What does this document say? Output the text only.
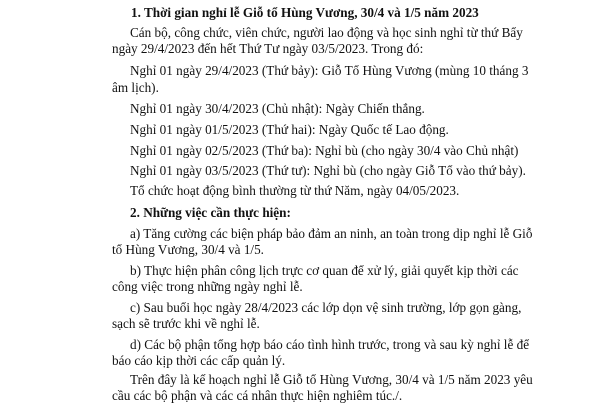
1. Thời gian nghỉ lễ Giỗ tổ Hùng Vương, 30/4 và 1/5 năm 2023
Cán bộ, công chức, viên chức, người lao động và học sinh nghỉ từ thứ Bẩy
ngày 29/4/2023 đến hết Thứ Tư ngày 03/5/2023. Trong đó:
Nghỉ 01 ngày 29/4/2023 (Thứ bảy): Giỗ Tổ Hùng Vương (mùng 10 tháng 3
âm lịch).
Nghỉ 01 ngày 30/4/2023 (Chủ nhật): Ngày Chiến thắng.
Nghỉ 01 ngày 01/5/2023 (Thứ hai): Ngày Quốc tế Lao động.
Nghỉ 01 ngày 02/5/2023 (Thứ ba): Nghỉ bù (cho ngày 30/4 vào Chủ nhật)
Nghỉ 01 ngày 03/5/2023 (Thứ tư): Nghỉ bù (cho ngày Giỗ Tổ vào thứ bảy).
Tổ chức hoạt động bình thường từ thứ Năm, ngày 04/05/2023.
2. Những việc cần thực hiện:
a) Tăng cường các biện pháp bảo đảm an ninh, an toàn trong dịp nghỉ lễ Giỗ
tổ Hùng Vương, 30/4 và 1/5.
b) Thực hiện phân công lịch trực cơ quan để xử lý, giải quyết kịp thời các
công việc trong những ngày nghỉ lễ.
c) Sau buổi học ngày 28/4/2023 các lớp dọn vệ sinh trường, lớp gọn gàng,
sạch sẽ trước khi về nghỉ lễ.
d) Các bộ phận tổng hợp báo cáo tình hình trước, trong và sau kỳ nghỉ lễ để
báo cáo kịp thời các cấp quản lý.
Trên đây là kế hoạch nghỉ lễ Giỗ tổ Hùng Vương, 30/4 và 1/5 năm 2023 yêu
cầu các bộ phận và các cá nhân thực hiện nghiêm túc./.
